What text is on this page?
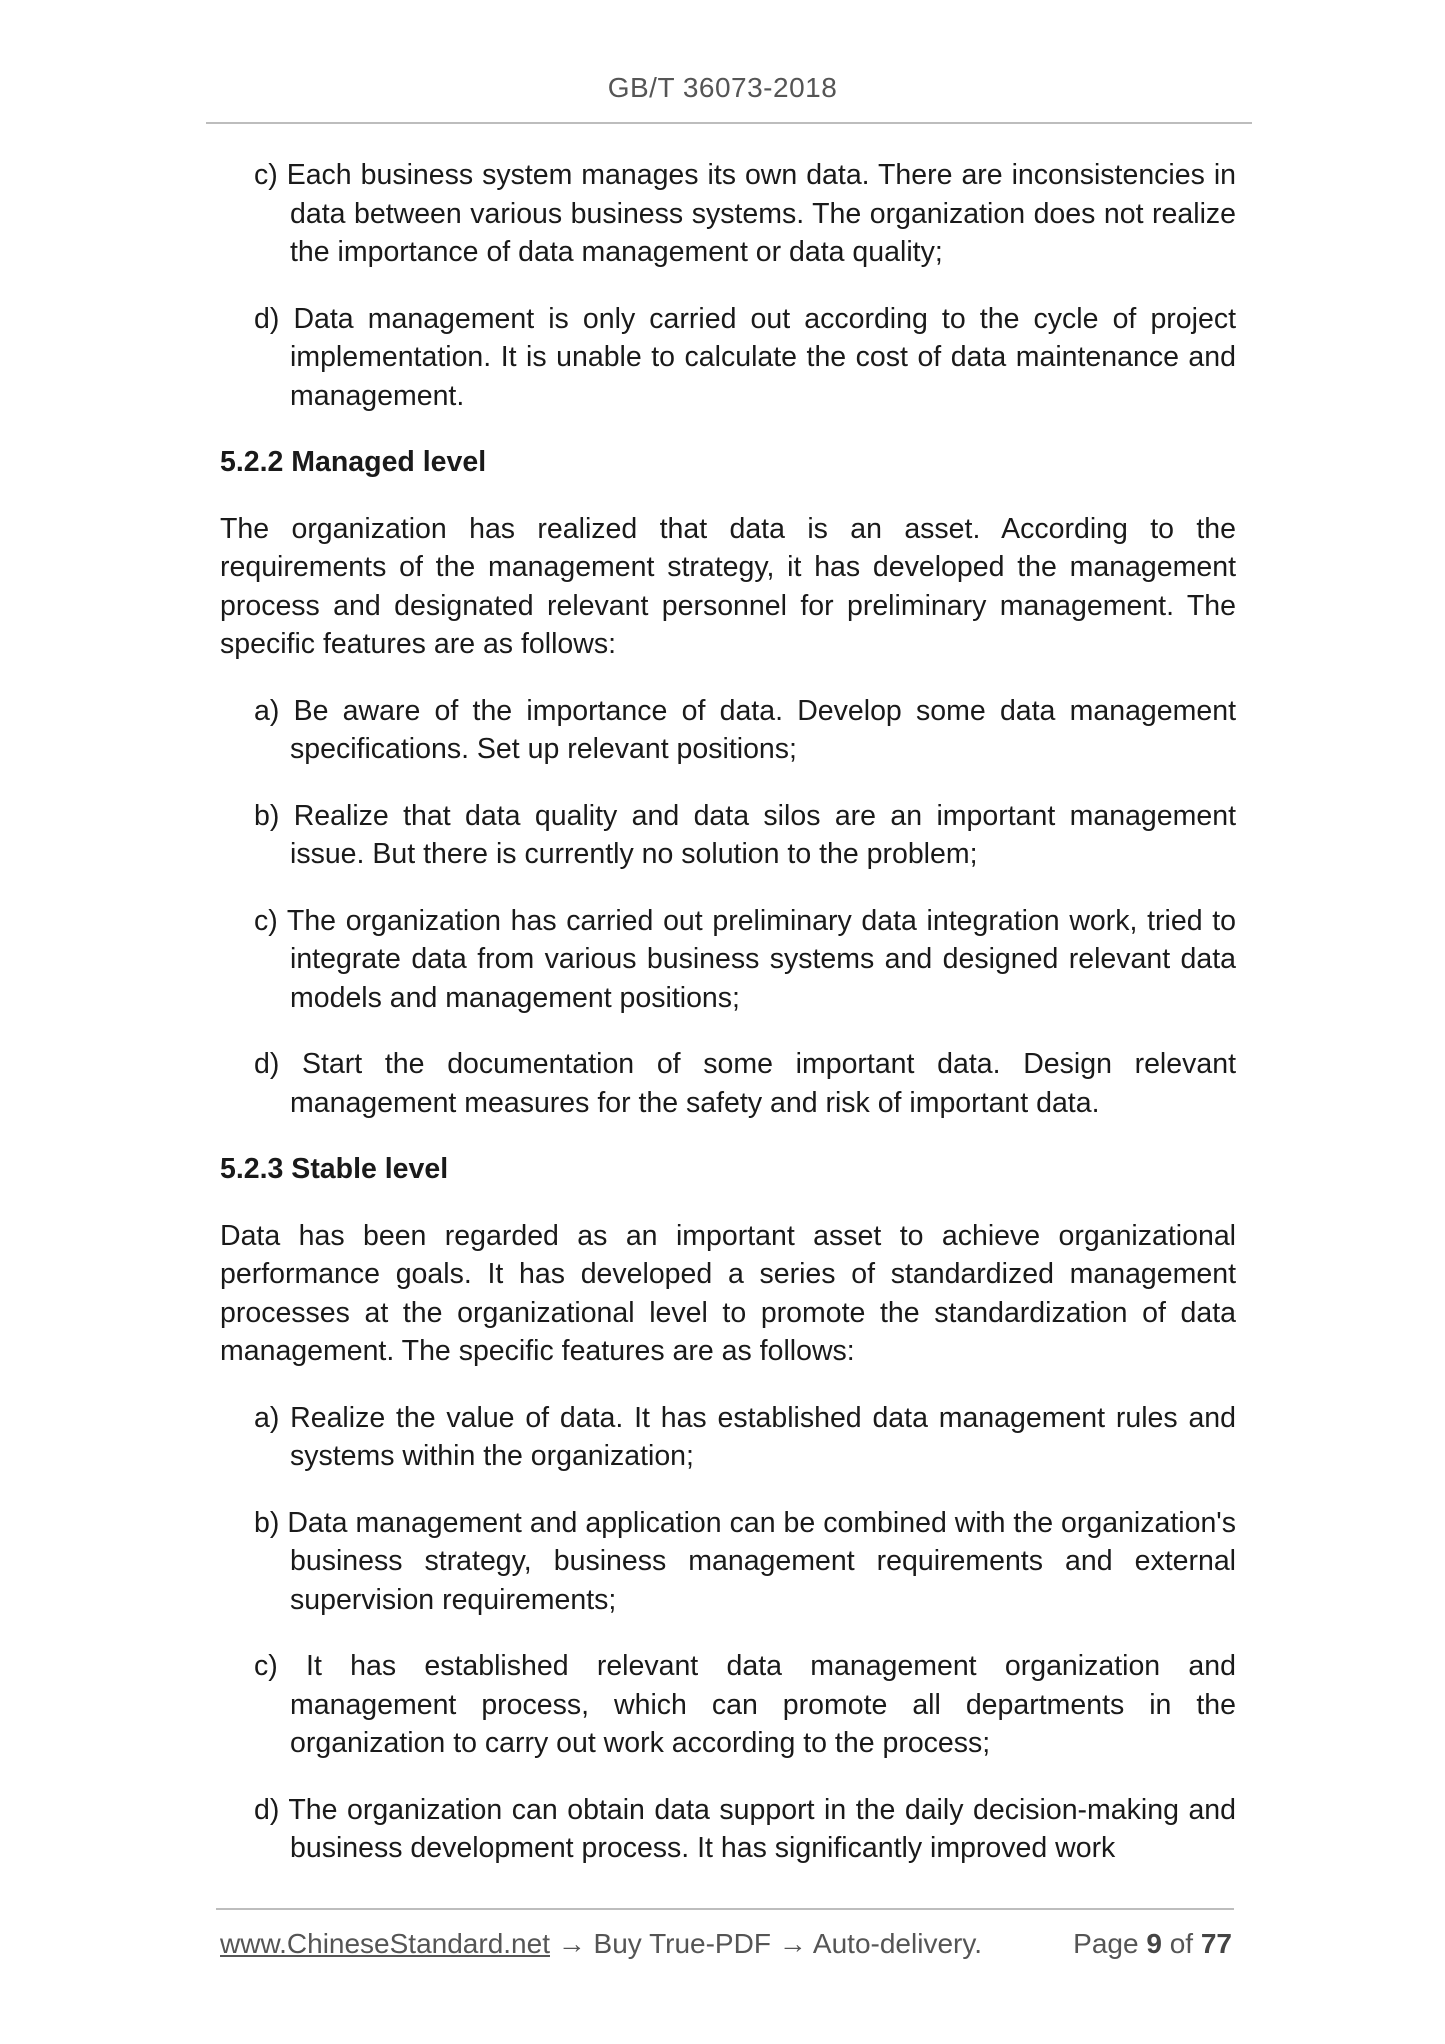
GB/T 36073-2018
c) Each business system manages its own data. There are inconsistencies in data between various business systems. The organization does not realize the importance of data management or data quality;
d) Data management is only carried out according to the cycle of project implementation. It is unable to calculate the cost of data maintenance and management.
5.2.2 Managed level
The organization has realized that data is an asset. According to the requirements of the management strategy, it has developed the management process and designated relevant personnel for preliminary management. The specific features are as follows:
a) Be aware of the importance of data. Develop some data management specifications. Set up relevant positions;
b) Realize that data quality and data silos are an important management issue. But there is currently no solution to the problem;
c) The organization has carried out preliminary data integration work, tried to integrate data from various business systems and designed relevant data models and management positions;
d) Start the documentation of some important data. Design relevant management measures for the safety and risk of important data.
5.2.3 Stable level
Data has been regarded as an important asset to achieve organizational performance goals. It has developed a series of standardized management processes at the organizational level to promote the standardization of data management. The specific features are as follows:
a) Realize the value of data. It has established data management rules and systems within the organization;
b) Data management and application can be combined with the organization's business strategy, business management requirements and external supervision requirements;
c) It has established relevant data management organization and management process, which can promote all departments in the organization to carry out work according to the process;
d) The organization can obtain data support in the daily decision-making and business development process. It has significantly improved work
www.ChineseStandard.net → Buy True-PDF → Auto-delivery.	Page 9 of 77
